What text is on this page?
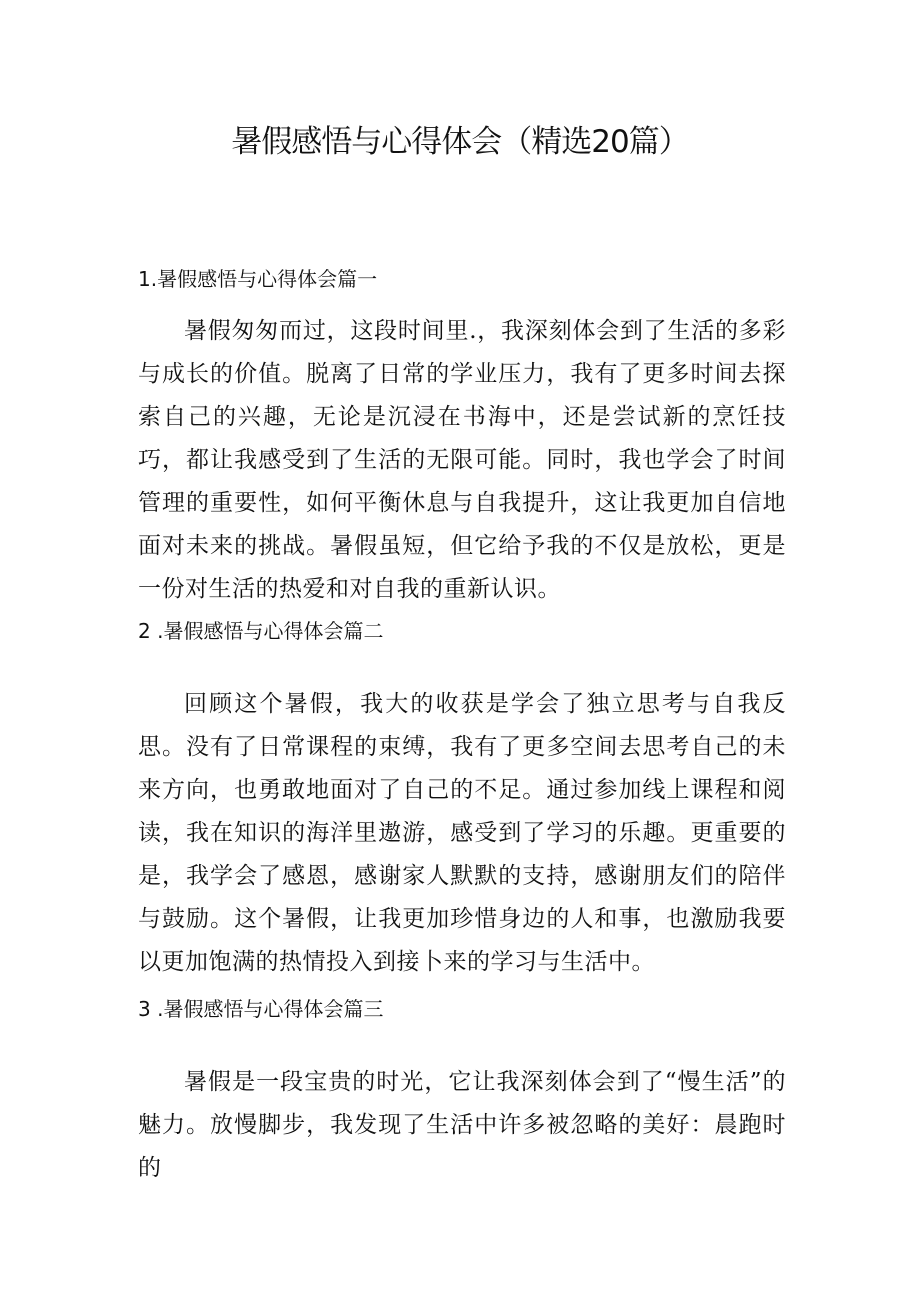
暑假感悟与心得体会（精选20篇）
1.暑假感悟与心得体会篇一

暑假匆匆而过，这段时间里.，我深刻体会到了生活的多彩与成长的价值。脱离了日常的学业压力，我有了更多时间去探索自己的兴趣，无论是沉浸在书海中，还是尝试新的烹饪技巧，都让我感受到了生活的无限可能。同时，我也学会了时间管理的重要性，如何平衡休息与自我提升，这让我更加自信地面对未来的挑战。暑假虽短，但它给予我的不仅是放松，更是一份对生活的热爱和对自我的重新认识。

2 .暑假感悟与心得体会篇二

回顾这个暑假，我大的收获是学会了独立思考与自我反思。没有了日常课程的束缚，我有了更多空间去思考自己的未来方向，也勇敢地面对了自己的不足。通过参加线上课程和阅读，我在知识的海洋里遨游，感受到了学习的乐趣。更重要的是，我学会了感恩，感谢家人默默的支持，感谢朋友们的陪伴与鼓励。这个暑假，让我更加珍惜身边的人和事，也激励我要以更加饱满的热情投入到接卜来的学习与生活中。

3 .暑假感悟与心得体会篇三

暑假是一段宝贵的时光，它让我深刻体会到了“慢生活”的魅力。放慢脚步，我发现了生活中许多被忽略的美好：晨跑时的
